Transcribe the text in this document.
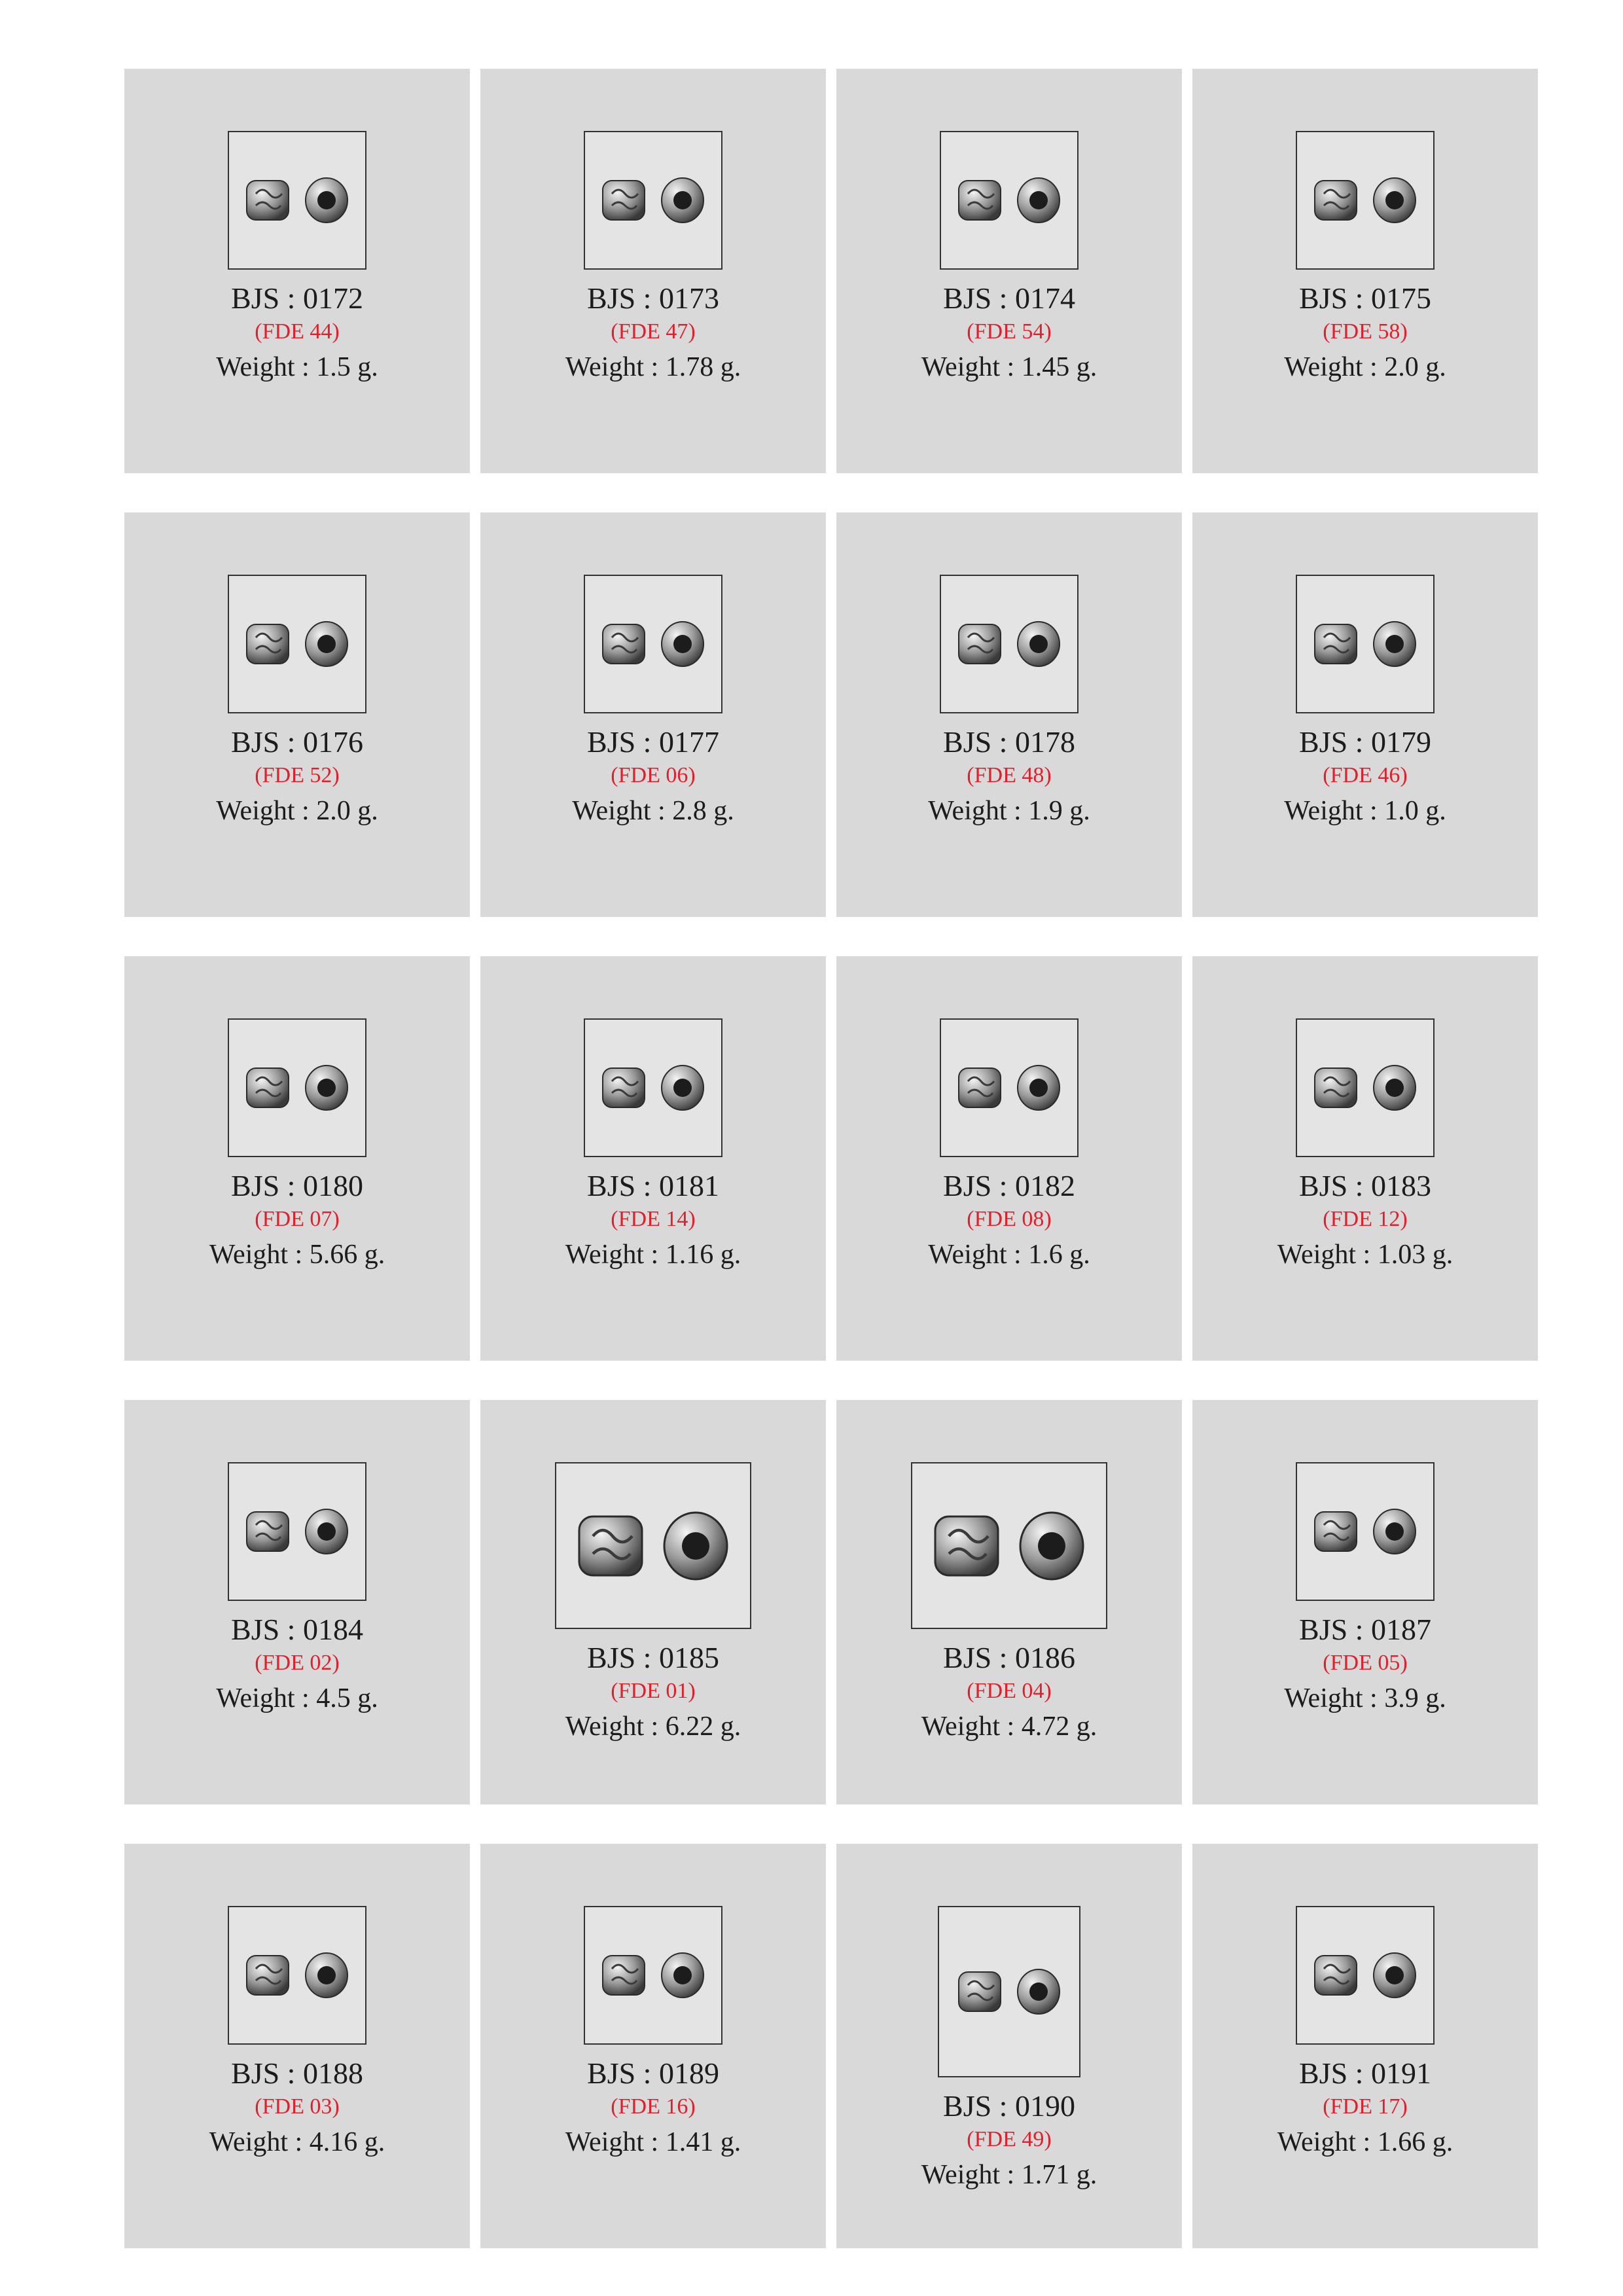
BJS : 0172
(FDE 44)
Weight : 1.5 g.
BJS : 0173
(FDE 47)
Weight : 1.78 g.
BJS : 0174
(FDE 54)
Weight : 1.45 g.
BJS : 0175
(FDE 58)
Weight : 2.0 g.
BJS : 0176
(FDE 52)
Weight : 2.0 g.
BJS : 0177
(FDE 06)
Weight : 2.8 g.
BJS : 0178
(FDE 48)
Weight : 1.9 g.
BJS : 0179
(FDE 46)
Weight : 1.0 g.
BJS : 0180
(FDE 07)
Weight : 5.66 g.
BJS : 0181
(FDE 14)
Weight : 1.16 g.
BJS : 0182
(FDE 08)
Weight : 1.6 g.
BJS : 0183
(FDE 12)
Weight : 1.03 g.
BJS : 0184
(FDE 02)
Weight : 4.5 g.
BJS : 0185
(FDE 01)
Weight : 6.22 g.
BJS : 0186
(FDE 04)
Weight : 4.72 g.
BJS : 0187
(FDE 05)
Weight : 3.9 g.
BJS : 0188
(FDE 03)
Weight : 4.16 g.
BJS : 0189
(FDE 16)
Weight : 1.41 g.
BJS : 0190
(FDE 49)
Weight : 1.71 g.
BJS : 0191
(FDE 17)
Weight : 1.66 g.
